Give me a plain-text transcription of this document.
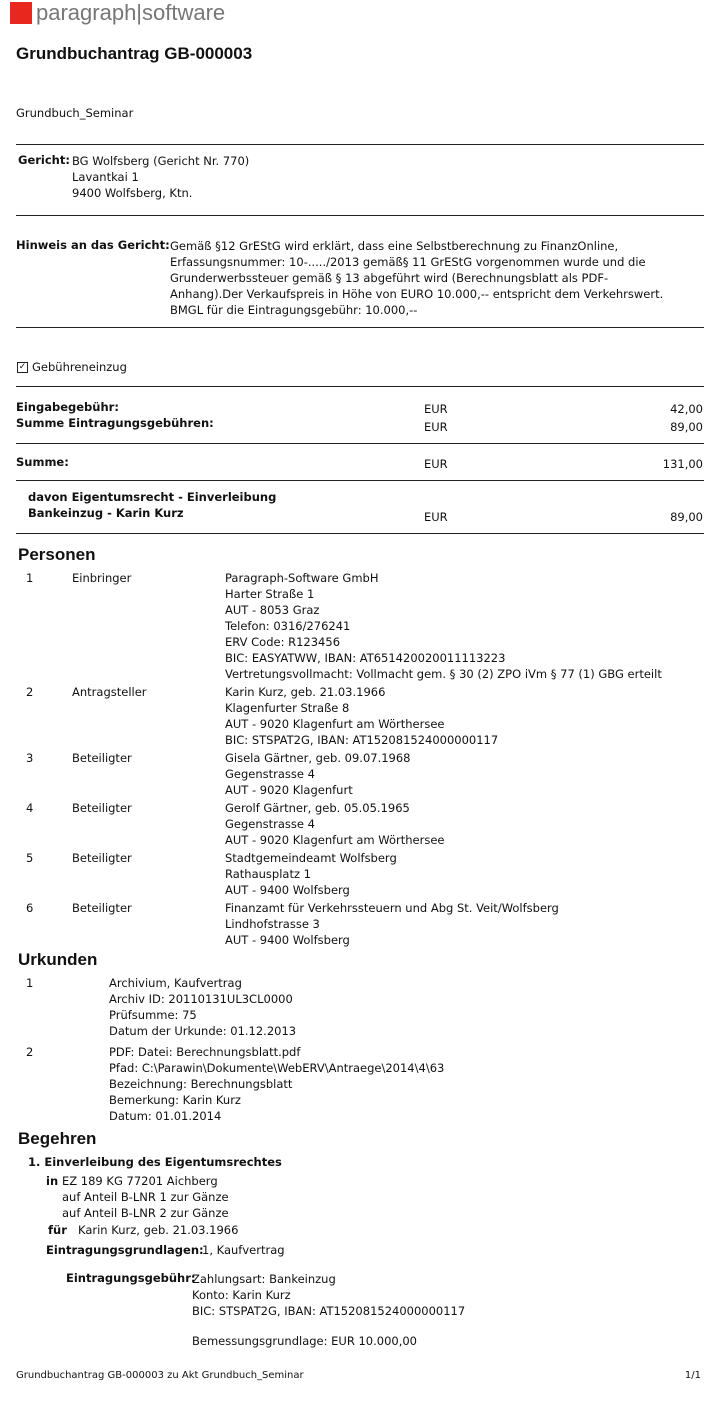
paragraph|software
Grundbuchantrag GB-000003
Grundbuch_Seminar
Gericht: BG Wolfsberg (Gericht Nr. 770)
Lavantkai 1
9400 Wolfsberg, Ktn.
Hinweis an das Gericht: Gemäß §12 GrEStG wird erklärt, dass eine Selbstberechnung zu FinanzOnline,
Erfassungsnummer: 10-...../2013 gemäß§ 11 GrEStG vorgenommen wurde und die
Grunderwerbssteuer gemäß § 13 abgeführt wird (Berechnungsblatt als PDF-
Anhang).Der Verkaufspreis in Höhe von EURO 10.000,-- entspricht dem Verkehrswert.
BMGL für die Eintragungsgebühr: 10.000,--
✓ Gebühreneinzug
Eingabegebühr:	EUR	42,00
Summe Eintragungsgebühren:	EUR	89,00
Summe:	EUR	131,00
davon Eigentumsrecht - Einverleibung
Bankeinzug - Karin Kurz	EUR	89,00
Personen
1	Einbringer	Paragraph-Software GmbH
Harter Straße 1
AUT - 8053 Graz
Telefon: 0316/276241
ERV Code: R123456
BIC: EASYATWW, IBAN: AT651420020011113223
Vertretungsvollmacht: Vollmacht gem. § 30 (2) ZPO iVm § 77 (1) GBG erteilt
2	Antragsteller	Karin Kurz, geb. 21.03.1966
Klagenfurter Straße 8
AUT - 9020 Klagenfurt am Wörthersee
BIC: STSPAT2G, IBAN: AT152081524000000117
3	Beteiligter	Gisela Gärtner, geb. 09.07.1968
Gegenstrasse 4
AUT - 9020 Klagenfurt
4	Beteiligter	Gerolf Gärtner, geb. 05.05.1965
Gegenstrasse 4
AUT - 9020 Klagenfurt am Wörthersee
5	Beteiligter	Stadtgemeindeamt Wolfsberg
Rathausplatz 1
AUT - 9400 Wolfsberg
6	Beteiligter	Finanzamt für Verkehrssteuern und Abg St. Veit/Wolfsberg
Lindhofstrasse 3
AUT - 9400 Wolfsberg
Urkunden
1	Archivium, Kaufvertrag
Archiv ID: 20110131UL3CL0000
Prüfsumme: 75
Datum der Urkunde: 01.12.2013
2	PDF: Datei: Berechnungsblatt.pdf
Pfad: C:\Parawin\Dokumente\WebERV\Antraege\2014\4\63
Bezeichnung: Berechnungsblatt
Bemerkung: Karin Kurz
Datum: 01.01.2014
Begehren
1. Einverleibung des Eigentumsrechtes
in EZ 189 KG 77201 Aichberg
auf Anteil B-LNR 1 zur Gänze
auf Anteil B-LNR 2 zur Gänze
für Karin Kurz, geb. 21.03.1966
Eintragungsgrundlagen:
1, Kaufvertrag
Eintragungsgebühr:
Zahlungsart: Bankeinzug
Konto: Karin Kurz
BIC: STSPAT2G, IBAN: AT152081524000000117
Bemessungsgrundlage: EUR 10.000,00
Grundbuchantrag GB-000003 zu Akt Grundbuch_Seminar	1/1
